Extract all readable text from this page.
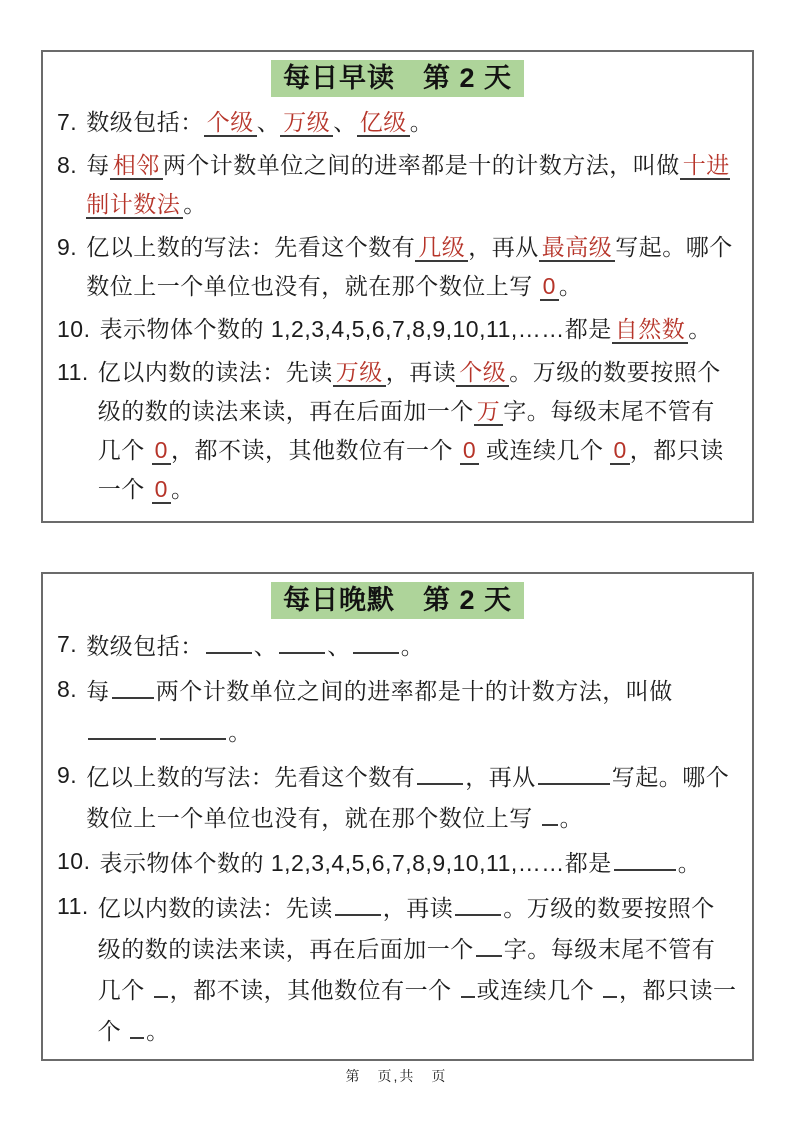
每日早读　第 2 天
7. 数级包括： 个级 、 万级 、 亿级 。
8. 每 相邻 两个计数单位之间的进率都是十的计数方法，叫做 十进制计数法 。
9. 亿以上数的写法：先看这个数有 几级 ，再从 最高级 写起。哪个数位上一个单位也没有，就在那个数位上写 0 。
10. 表示物体个数的 1,2,3,4,5,6,7,8,9,10,11,……都是 自然数 。
11. 亿以内数的读法：先读 万级 ，再读 个级 。万级的数要按照个级的数的读法来读，再在后面加一个 万 字。每级末尾不管有几个 0 ，都不读，其他数位有一个 0 或连续几个 0 ，都只读一个 0 。
每日晚默　第 2 天
7. 数级包括： 、 、 。
8. 每 两个计数单位之间的进率都是十的计数方法，叫做。
9. 亿以上数的写法：先看这个数有 ，再从	写起。哪个数位上一个单位也没有，就在那个数位上写 。
10. 表示物体个数的 1,2,3,4,5,6,7,8,9,10,11,……都是	。
11. 亿以内数的读法：先读 ，再读 。万级的数要按照个级的数的读法来读，再在后面加一个 字。每级末尾不管有几个 ，都不读，其他数位有一个 或连续几个 ，都只读一个 。
第　页,共　页
